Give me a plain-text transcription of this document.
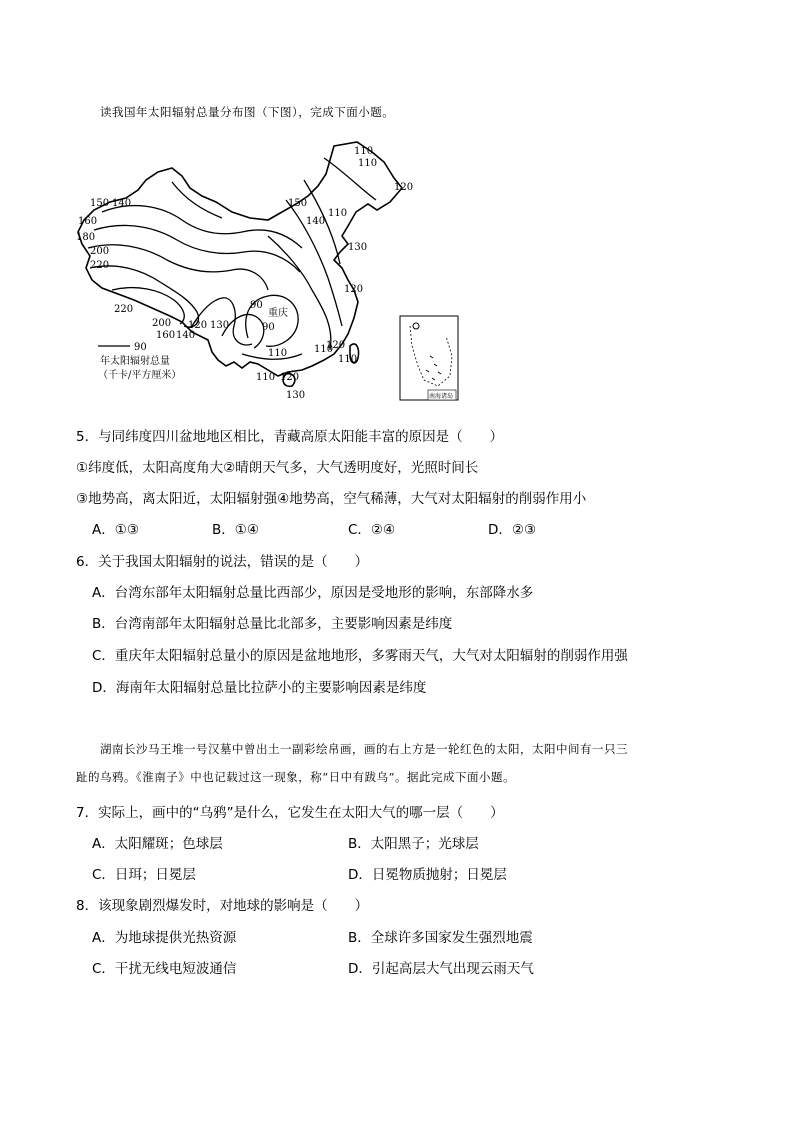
读我国年太阳辐射总量分布图（下图），完成下面小题。
150 140
160
180
200
220
220
200
160 140
120 130
90
90
110
120
110
110 120
130
110
110
120
140
150
110
130
120
110
重庆
90
年太阳辐射总量
（千卡/平方厘米）
南海诸岛
5．与同纬度四川盆地地区相比，青藏高原太阳能丰富的原因是（　　）
①纬度低，太阳高度角大②晴朗天气多，大气透明度好，光照时间长
③地势高，离太阳近，太阳辐射强④地势高，空气稀薄，大气对太阳辐射的削弱作用小
A．①③	B．①④	C．②④	D．②③
6．关于我国太阳辐射的说法，错误的是（　　）
A．台湾东部年太阳辐射总量比西部少，原因是受地形的影响，东部降水多
B．台湾南部年太阳辐射总量比北部多，主要影响因素是纬度
C．重庆年太阳辐射总量小的原因是盆地地形，多雾雨天气，大气对太阳辐射的削弱作用强
D．海南年太阳辐射总量比拉萨小的主要影响因素是纬度
湖南长沙马王堆一号汉墓中曾出土一副彩绘帛画，画的右上方是一轮红色的太阳，太阳中间有一只三
趾的乌鸦。《淮南子》中也记载过这一现象，称“日中有跋乌”。据此完成下面小题。
7．实际上，画中的“乌鸦”是什么，它发生在太阳大气的哪一层（　　）
A．太阳耀斑；色球层	B．太阳黑子；光球层
C．日珥；日冕层	D．日冕物质抛射；日冕层
8．该现象剧烈爆发时，对地球的影响是（　　）
A．为地球提供光热资源	B．全球许多国家发生强烈地震
C．干扰无线电短波通信	D．引起高层大气出现云雨天气
